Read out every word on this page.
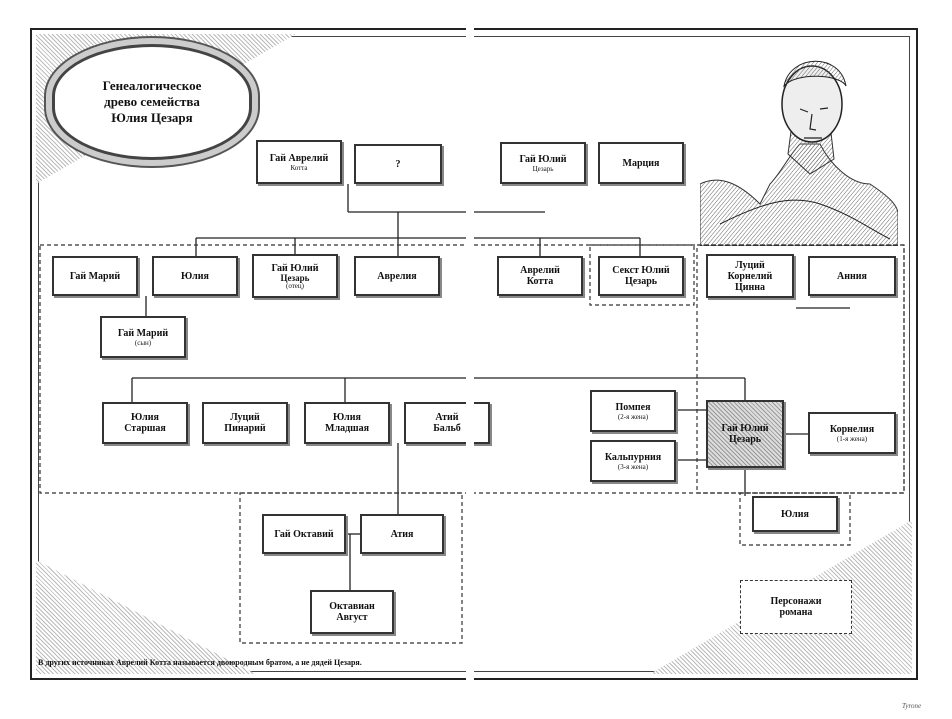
Генеалогическое
древо семейства
Юлия Цезаря
Гай Аврелий
Котта	?	Гай Юлий
Цезарь	Марция
Гай Марий	Юлия
Гай Юлий
Цезарь
(отец)
Аврелия	Аврелий
Котта
Секст Юлий
Цезарь
Луций
Корнелий
Цинна
Анния
Гай Марий
(сын)
Юлия
Старшая
Луций
Пинарий
Юлия
Младшая
Атий
Бальб
Помпея
(2-я жена)
Кальпурния
(3-я жена)
Гай Юлий
Цезарь
Корнелия
(1-я жена)
Гай Октавий	Атия
Юлия
Октавиан
Август
Персонажи
романа
В других источниках Аврелий Котта называется двоюродным братом, а не дядей Цезаря.
Tyrone
